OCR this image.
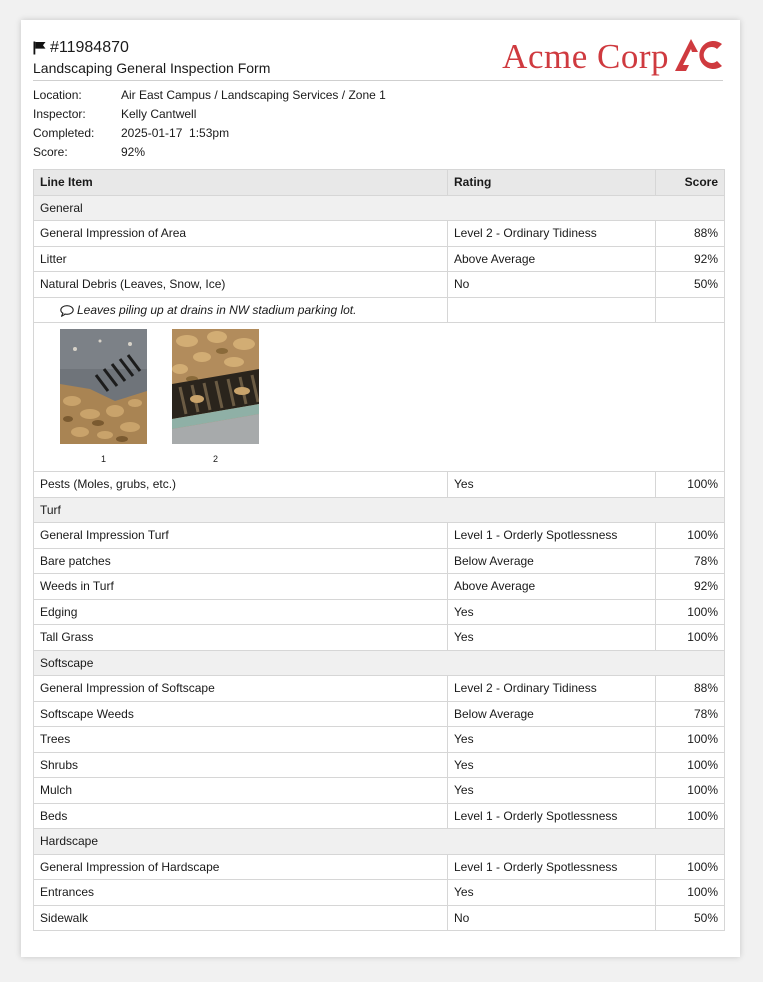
#11984870
Landscaping General Inspection Form	Acme Corp
Location:	Air East Campus / Landscaping Services / Zone 1
Inspector:	Kelly Cantwell
Completed:	2025-01-17  1:53pm
Score:	92%
Line Item	Rating	Score
General		
General Impression of Area	Level 2 - Ordinary Tidiness	88%
Litter	Above Average	92%
Natural Debris (Leaves, Snow, Ice)	No	50%
Leaves piling up at drains in NW stadium parking lot.		

1 2		

Pests (Moles, grubs, etc.)	Yes	100%
Turf		
General Impression Turf	Level 1 - Orderly Spotlessness	100%
Bare patches	Below Average	78%
Weeds in Turf	Above Average	92%
Edging	Yes	100%
Tall Grass	Yes	100%
Softscape		
General Impression of Softscape	Level 2 - Ordinary Tidiness	88%
Softscape Weeds	Below Average	78%
Trees	Yes	100%
Shrubs	Yes	100%
Mulch	Yes	100%
Beds	Level 1 - Orderly Spotlessness	100%
Hardscape		
General Impression of Hardscape	Level 1 - Orderly Spotlessness	100%
Entrances	Yes	100%
Sidewalk	No	50%
